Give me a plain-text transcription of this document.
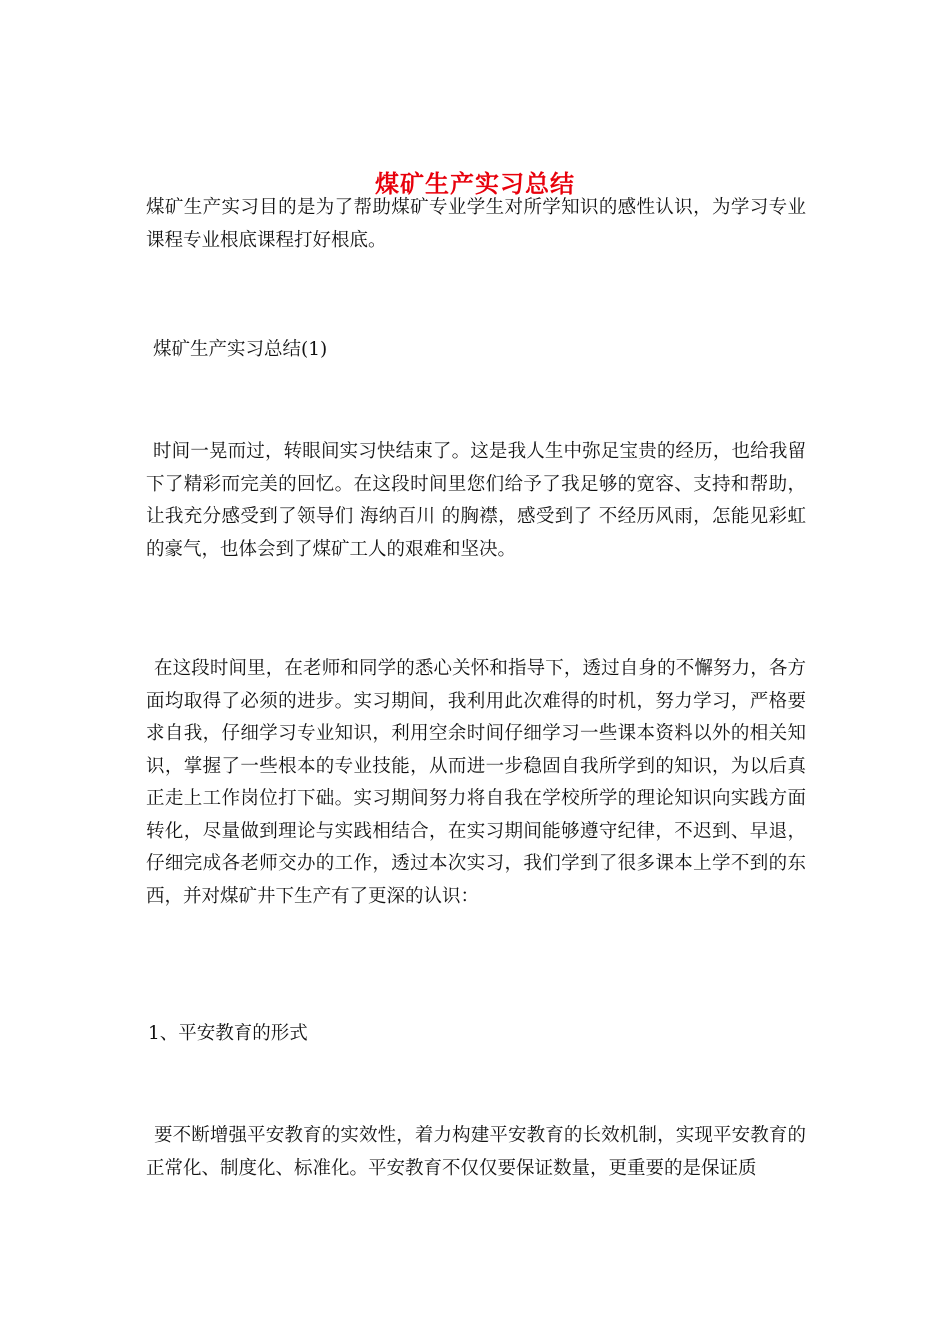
煤矿生产实习总结

煤矿生产实习目的是为了帮助煤矿专业学生对所学知识的感性认识，为学习专业课程专业根底课程打好根底。

煤矿生产实习总结(1)

时间一晃而过，转眼间实习快结束了。这是我人生中弥足宝贵的经历，也给我留下了精彩而完美的回忆。在这段时间里您们给予了我足够的宽容、支持和帮助，让我充分感受到了领导们 海纳百川 的胸襟，感受到了 不经历风雨，怎能见彩虹 的豪气，也体会到了煤矿工人的艰难和坚决。

在这段时间里，在老师和同学的悉心关怀和指导下，透过自身的不懈努力，各方面均取得了必须的进步。实习期间，我利用此次难得的时机，努力学习，严格要求自我，仔细学习专业知识，利用空余时间仔细学习一些课本资料以外的相关知识，掌握了一些根本的专业技能，从而进一步稳固自我所学到的知识，为以后真正走上工作岗位打下础。实习期间努力将自我在学校所学的理论知识向实践方面转化，尽量做到理论与实践相结合，在实习期间能够遵守纪律，不迟到、早退，仔细完成各老师交办的工作，透过本次实习，我们学到了很多课本上学不到的东西，并对煤矿井下生产有了更深的认识：

1、平安教育的形式

要不断增强平安教育的实效性，着力构建平安教育的长效机制，实现平安教育的正常化、制度化、标准化。平安教育不仅仅要保证数量，更重要的是保证质
